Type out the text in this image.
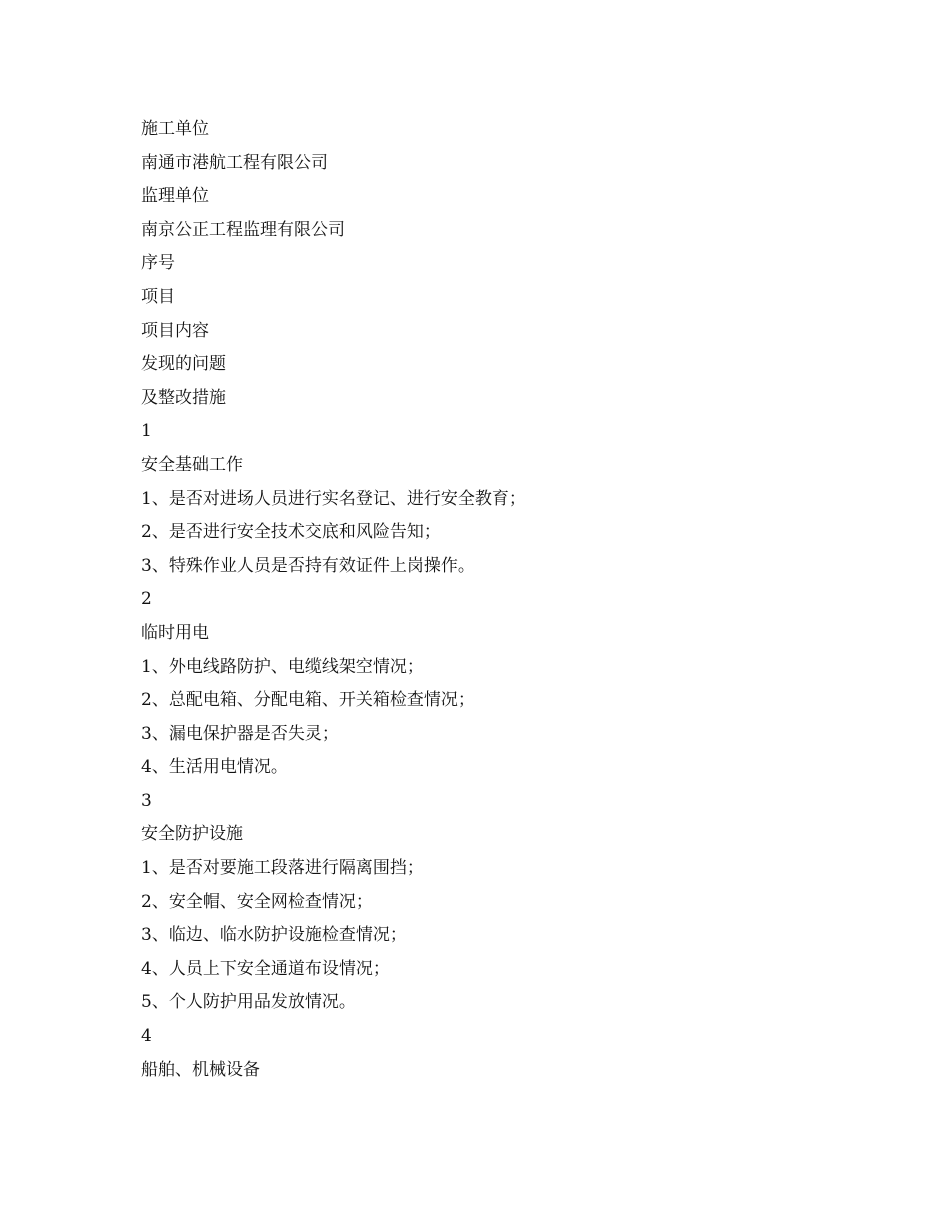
施工单位
南通市港航工程有限公司
监理单位
南京公正工程监理有限公司
序号
项目
项目内容
发现的问题
及整改措施
1
安全基础工作
1、是否对进场人员进行实名登记、进行安全教育；
2、是否进行安全技术交底和风险告知；
3、特殊作业人员是否持有效证件上岗操作。
2
临时用电
1、外电线路防护、电缆线架空情况；
2、总配电箱、分配电箱、开关箱检查情况；
3、漏电保护器是否失灵；
4、生活用电情况。
3
安全防护设施
1、是否对要施工段落进行隔离围挡；
2、安全帽、安全网检查情况；
3、临边、临水防护设施检查情况；
4、人员上下安全通道布设情况；
5、个人防护用品发放情况。
4
船舶、机械设备
